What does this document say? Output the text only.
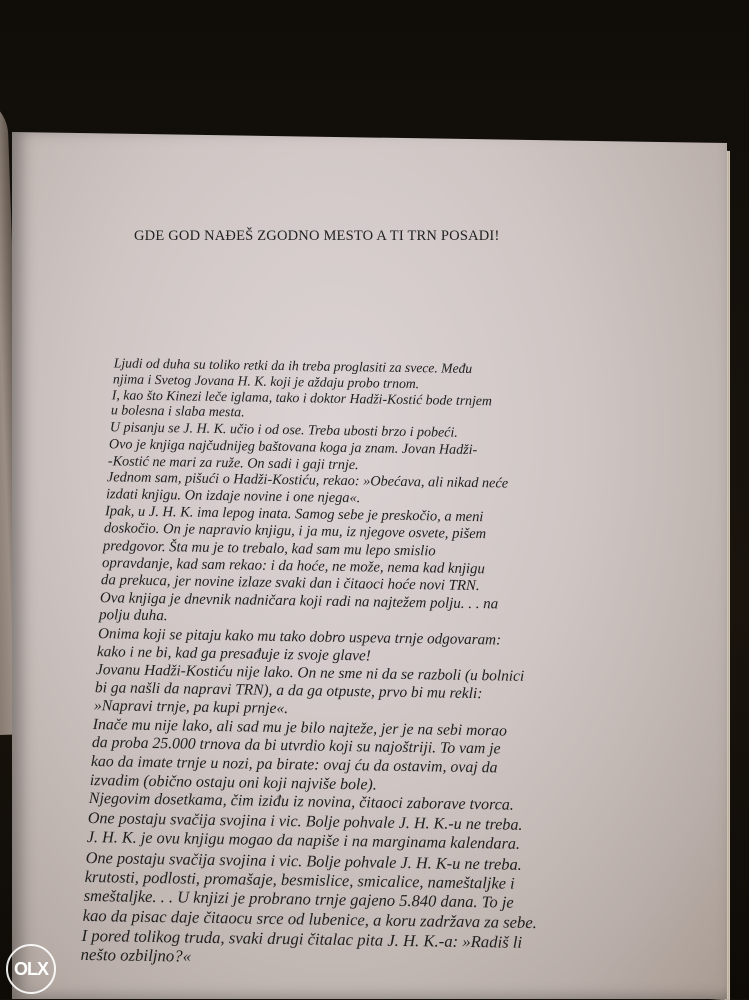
GDE GOD NAĐEŠ ZGODNO MESTO A TI TRN POSADI!
Ljudi od duha su toliko retki da ih treba proglasiti za svece. Među
njima i Svetog Jovana H. K. koji je aždaju probo trnom.
I, kao što Kinezi leče iglama, tako i doktor Hadži-Kostić bode trnjem
u bolesna i slaba mesta.
U pisanju se J. H. K. učio i od ose. Treba ubosti brzo i pobeći.
Ovo je knjiga najčudnijeg baštovana koga ja znam. Jovan Hadži-
-Kostić ne mari za ruže. On sadi i gaji trnje.
Jednom sam, pišući o Hadži-Kostiću, rekao: »Obećava, ali nikad neće
izdati knjigu. On izdaje novine i one njega«.
Ipak, u J. H. K. ima lepog inata. Samog sebe je preskočio, a meni
doskočio. On je napravio knjigu, i ja mu, iz njegove osvete, pišem
predgovor. Šta mu je to trebalo, kad sam mu lepo smislio
opravdanje, kad sam rekao: i da hoće, ne može, nema kad knjigu
da prekuca, jer novine izlaze svaki dan i čitaoci hoće novi TRN.
Ova knjiga je dnevnik nadničara koji radi na najtežem polju. . . na
polju duha.
Onima koji se pitaju kako mu tako dobro uspeva trnje odgovaram:
kako i ne bi, kad ga presađuje iz svoje glave!
Jovanu Hadži-Kostiću nije lako. On ne sme ni da se razboli (u bolnici
bi ga našli da napravi TRN), a da ga otpuste, prvo bi mu rekli:
»Napravi trnje, pa kupi prnje«.
Inače mu nije lako, ali sad mu je bilo najteže, jer je na sebi morao
da proba 25.000 trnova da bi utvrdio koji su najoštriji. To vam je
kao da imate trnje u nozi, pa birate: ovaj ću da ostavim, ovaj da
izvadim (obično ostaju oni koji najviše bole).
Njegovim dosetkama, čim iziđu iz novina, čitaoci zaborave tvorca.
One postaju svačija svojina i vic. Bolje pohvale J. H. K.-u ne treba.
J. H. K. je ovu knjigu mogao da napiše i na marginama kalendara.
One postaju svačija svojina i vic. Bolje pohvale J. H. K-u ne treba.
krutosti, podlosti, promašaje, besmislice, smicalice, nameštaljke i
smeštaljke. . . U knjizi je probrano trnje gajeno 5.840 dana. To je
kao da pisac daje čitaocu srce od lubenice, a koru zadržava za sebe.
I pored tolikog truda, svaki drugi čitalac pita J. H. K.-a: »Radiš li
nešto ozbiljno?«
OLX
